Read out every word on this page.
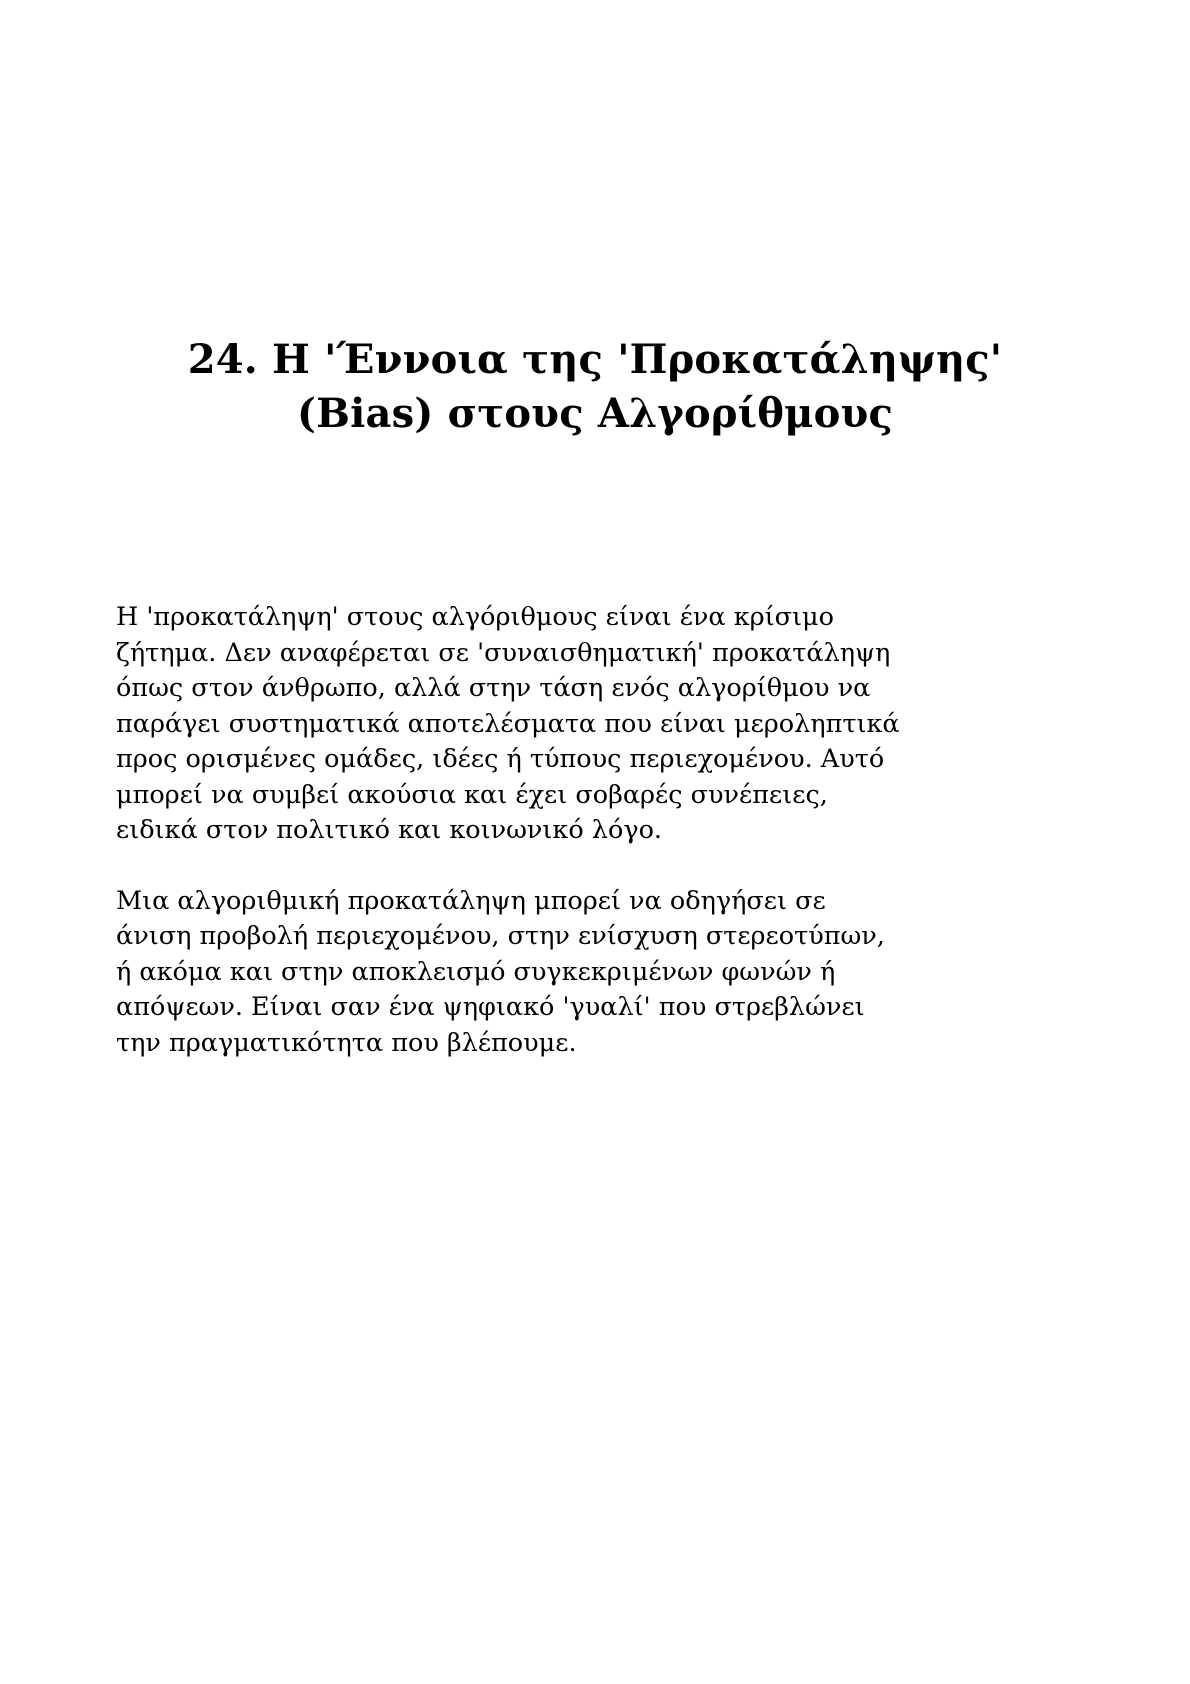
24. Η 'Έννοια της 'Προκατάληψης'
(Bias) στους Αλγορίθμους

Η 'προκατάληψη' στους αλγόριθμους είναι ένα κρίσιμο
ζήτημα. Δεν αναφέρεται σε 'συναισθηματική' προκατάληψη
όπως στον άνθρωπο, αλλά στην τάση ενός αλγορίθμου να
παράγει συστηματικά αποτελέσματα που είναι μεροληπτικά
προς ορισμένες ομάδες, ιδέες ή τύπους περιεχομένου. Αυτό
μπορεί να συμβεί ακούσια και έχει σοβαρές συνέπειες,
ειδικά στον πολιτικό και κοινωνικό λόγο.

Μια αλγοριθμική προκατάληψη μπορεί να οδηγήσει σε
άνιση προβολή περιεχομένου, στην ενίσχυση στερεοτύπων,
ή ακόμα και στην αποκλεισμό συγκεκριμένων φωνών ή
απόψεων. Είναι σαν ένα ψηφιακό 'γυαλί' που στρεβλώνει
την πραγματικότητα που βλέπουμε.
